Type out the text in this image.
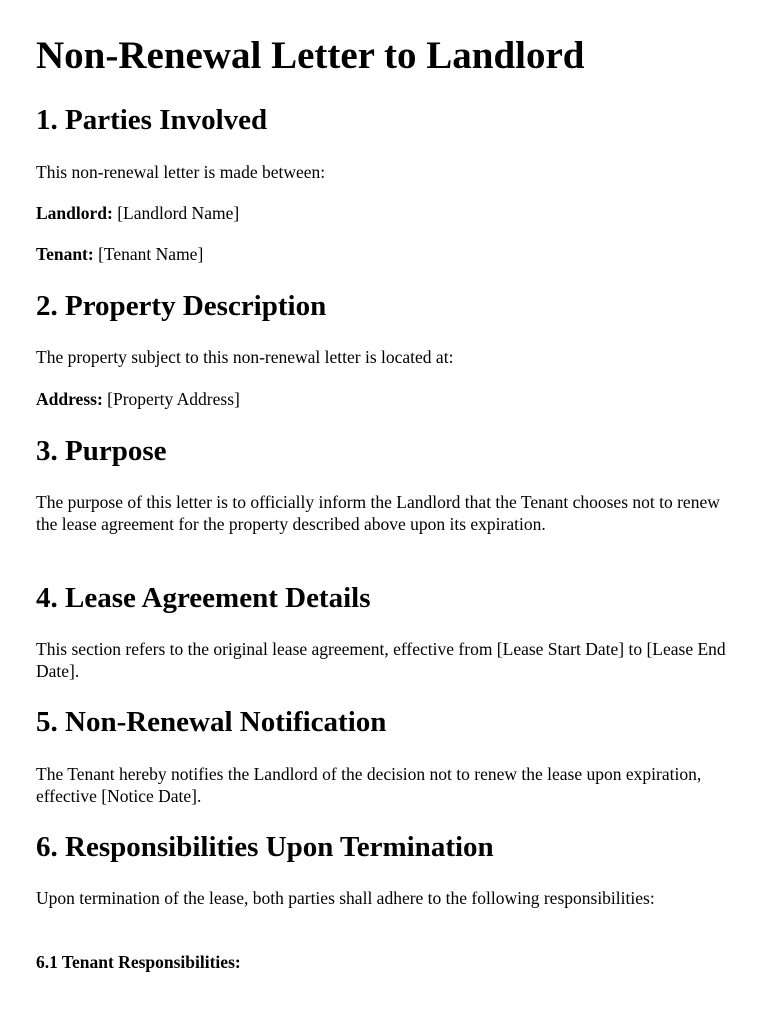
Non-Renewal Letter to Landlord
1. Parties Involved

This non-renewal letter is made between:

Landlord: [Landlord Name]

Tenant: [Tenant Name]

2. Property Description

The property subject to this non-renewal letter is located at:

Address: [Property Address]

3. Purpose

The purpose of this letter is to officially inform the Landlord that the Tenant chooses not to renew the lease agreement for the property described above upon its expiration.

4. Lease Agreement Details

This section refers to the original lease agreement, effective from [Lease Start Date] to [Lease End Date].

5. Non-Renewal Notification

The Tenant hereby notifies the Landlord of the decision not to renew the lease upon expiration, effective [Notice Date].

6. Responsibilities Upon Termination

Upon termination of the lease, both parties shall adhere to the following responsibilities:

6.1 Tenant Responsibilities:
